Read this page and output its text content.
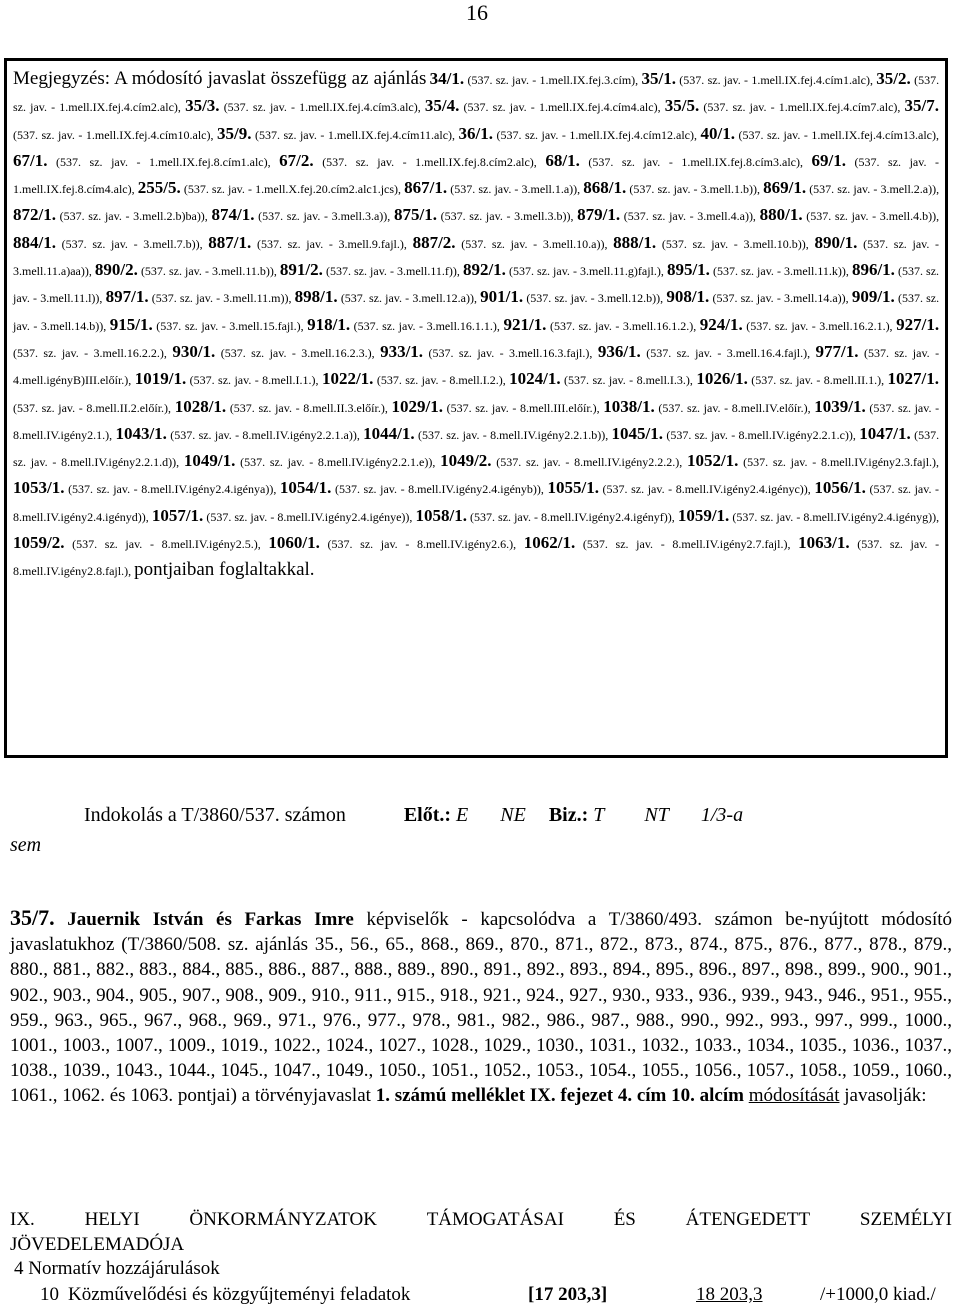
16
Megjegyzés: A módosító javaslat összefügg az ajánlás 34/1. (537. sz. jav. - 1.mell.IX.fej.3.cím), 35/1. (537. sz. jav. - 1.mell.IX.fej.4.cím1.alc), 35/2. (537. sz. jav. - 1.mell.IX.fej.4.cím2.alc), 35/3. (537. sz. jav. - 1.mell.IX.fej.4.cím3.alc), 35/4. (537. sz. jav. - 1.mell.IX.fej.4.cím4.alc), 35/5. (537. sz. jav. - 1.mell.IX.fej.4.cím7.alc), 35/7. (537. sz. jav. - 1.mell.IX.fej.4.cím10.alc), 35/9. (537. sz. jav. - 1.mell.IX.fej.4.cím11.alc), 36/1. (537. sz. jav. - 1.mell.IX.fej.4.cím12.alc), 40/1. (537. sz. jav. - 1.mell.IX.fej.4.cím13.alc), 67/1. (537. sz. jav. - 1.mell.IX.fej.8.cím1.alc), 67/2. (537. sz. jav. - 1.mell.IX.fej.8.cím2.alc), 68/1. (537. sz. jav. - 1.mell.IX.fej.8.cím3.alc), 69/1. (537. sz. jav. - 1.mell.IX.fej.8.cím4.alc), 255/5. (537. sz. jav. - 1.mell.X.fej.20.cím2.alc1.jcs), 867/1. (537. sz. jav. - 3.mell.1.a)), 868/1. (537. sz. jav. - 3.mell.1.b)), 869/1. (537. sz. jav. - 3.mell.2.a)), 872/1. (537. sz. jav. - 3.mell.2.b)ba)), 874/1. (537. sz. jav. - 3.mell.3.a)), 875/1. (537. sz. jav. - 3.mell.3.b)), 879/1. (537. sz. jav. - 3.mell.4.a)), 880/1. (537. sz. jav. - 3.mell.4.b)), 884/1. (537. sz. jav. - 3.mell.7.b)), 887/1. (537. sz. jav. - 3.mell.9.fajl.), 887/2. (537. sz. jav. - 3.mell.10.a)), 888/1. (537. sz. jav. - 3.mell.10.b)), 890/1. (537. sz. jav. - 3.mell.11.a)aa)), 890/2. (537. sz. jav. - 3.mell.11.b)), 891/2. (537. sz. jav. - 3.mell.11.f)), 892/1. (537. sz. jav. - 3.mell.11.g)fajl.), 895/1. (537. sz. jav. - 3.mell.11.k)), 896/1. (537. sz. jav. - 3.mell.11.l)), 897/1. (537. sz. jav. - 3.mell.11.m)), 898/1. (537. sz. jav. - 3.mell.12.a)), 901/1. (537. sz. jav. - 3.mell.12.b)), 908/1. (537. sz. jav. - 3.mell.14.a)), 909/1. (537. sz. jav. - 3.mell.14.b)), 915/1. (537. sz. jav. - 3.mell.15.fajl.), 918/1. (537. sz. jav. - 3.mell.16.1.1.), 921/1. (537. sz. jav. - 3.mell.16.1.2.), 924/1. (537. sz. jav. - 3.mell.16.2.1.), 927/1. (537. sz. jav. - 3.mell.16.2.2.), 930/1. (537. sz. jav. - 3.mell.16.2.3.), 933/1. (537. sz. jav. - 3.mell.16.3.fajl.), 936/1. (537. sz. jav. - 3.mell.16.4.fajl.), 977/1. (537. sz. jav. - 4.mell.igényB)III.előír.), 1019/1. (537. sz. jav. - 8.mell.I.1.), 1022/1. (537. sz. jav. - 8.mell.I.2.), 1024/1. (537. sz. jav. - 8.mell.I.3.), 1026/1. (537. sz. jav. - 8.mell.II.1.), 1027/1. (537. sz. jav. - 8.mell.II.2.előír.), 1028/1. (537. sz. jav. - 8.mell.II.3.előír.), 1029/1. (537. sz. jav. - 8.mell.III.előír.), 1038/1. (537. sz. jav. - 8.mell.IV.előír.), 1039/1. (537. sz. jav. - 8.mell.IV.igény2.1.), 1043/1. (537. sz. jav. - 8.mell.IV.igény2.2.1.a)), 1044/1. (537. sz. jav. - 8.mell.IV.igény2.2.1.b)), 1045/1. (537. sz. jav. - 8.mell.IV.igény2.2.1.c)), 1047/1. (537. sz. jav. - 8.mell.IV.igény2.2.1.d)), 1049/1. (537. sz. jav. - 8.mell.IV.igény2.2.1.e)), 1049/2. (537. sz. jav. - 8.mell.IV.igény2.2.2.), 1052/1. (537. sz. jav. - 8.mell.IV.igény2.3.fajl.), 1053/1. (537. sz. jav. - 8.mell.IV.igény2.4.igénya)), 1054/1. (537. sz. jav. - 8.mell.IV.igény2.4.igényb)), 1055/1. (537. sz. jav. - 8.mell.IV.igény2.4.igényc)), 1056/1. (537. sz. jav. - 8.mell.IV.igény2.4.igényd)), 1057/1. (537. sz. jav. - 8.mell.IV.igény2.4.igénye)), 1058/1. (537. sz. jav. - 8.mell.IV.igény2.4.igényf)), 1059/1. (537. sz. jav. - 8.mell.IV.igény2.4.igényg)), 1059/2. (537. sz. jav. - 8.mell.IV.igény2.5.), 1060/1. (537. sz. jav. - 8.mell.IV.igény2.6.), 1062/1. (537. sz. jav. - 8.mell.IV.igény2.7.fajl.), 1063/1. (537. sz. jav. - 8.mell.IV.igény2.8.fajl.), pontjaiban foglaltakkal.
Indokolás a T/3860/537. számon	Előt.: E NE Biz.: T NT 1/3-a
sem
35/7. Jauernik István és Farkas Imre képviselők - kapcsolódva a T/3860/493. számon be-nyújtott módosító javaslatukhoz (T/3860/508. sz. ajánlás 35., 56., 65., 868., 869., 870., 871., 872., 873., 874., 875., 876., 877., 878., 879., 880., 881., 882., 883., 884., 885., 886., 887., 888., 889., 890., 891., 892., 893., 894., 895., 896., 897., 898., 899., 900., 901., 902., 903., 904., 905., 907., 908., 909., 910., 911., 915., 918., 921., 924., 927., 930., 933., 936., 939., 943., 946., 951., 955., 959., 963., 965., 967., 968., 969., 971., 976., 977., 978., 981., 982., 986., 987., 988., 990., 992., 993., 997., 999., 1000., 1001., 1003., 1007., 1009., 1019., 1022., 1024., 1027., 1028., 1029., 1030., 1031., 1032., 1033., 1034., 1035., 1036., 1037., 1038., 1039., 1043., 1044., 1045., 1047., 1049., 1050., 1051., 1052., 1053., 1054., 1055., 1056., 1057., 1058., 1059., 1060., 1061., 1062. és 1063. pontjai) a törvényjavaslat 1. számú melléklet IX. fejezet 4. cím 10. alcím módosítását javasolják:
IX.	HELYI	ÖNKORMÁNYZATOK	TÁMOGATÁSAI	ÉS	ÁTENGEDETT	SZEMÉLYI
JÖVEDELEMADÓJA
4 Normatív hozzájárulások
10 Közművelődési és közgyűjteményi feladatok	[17 203,3]	18 203,3	/+1000,0 kiad./
